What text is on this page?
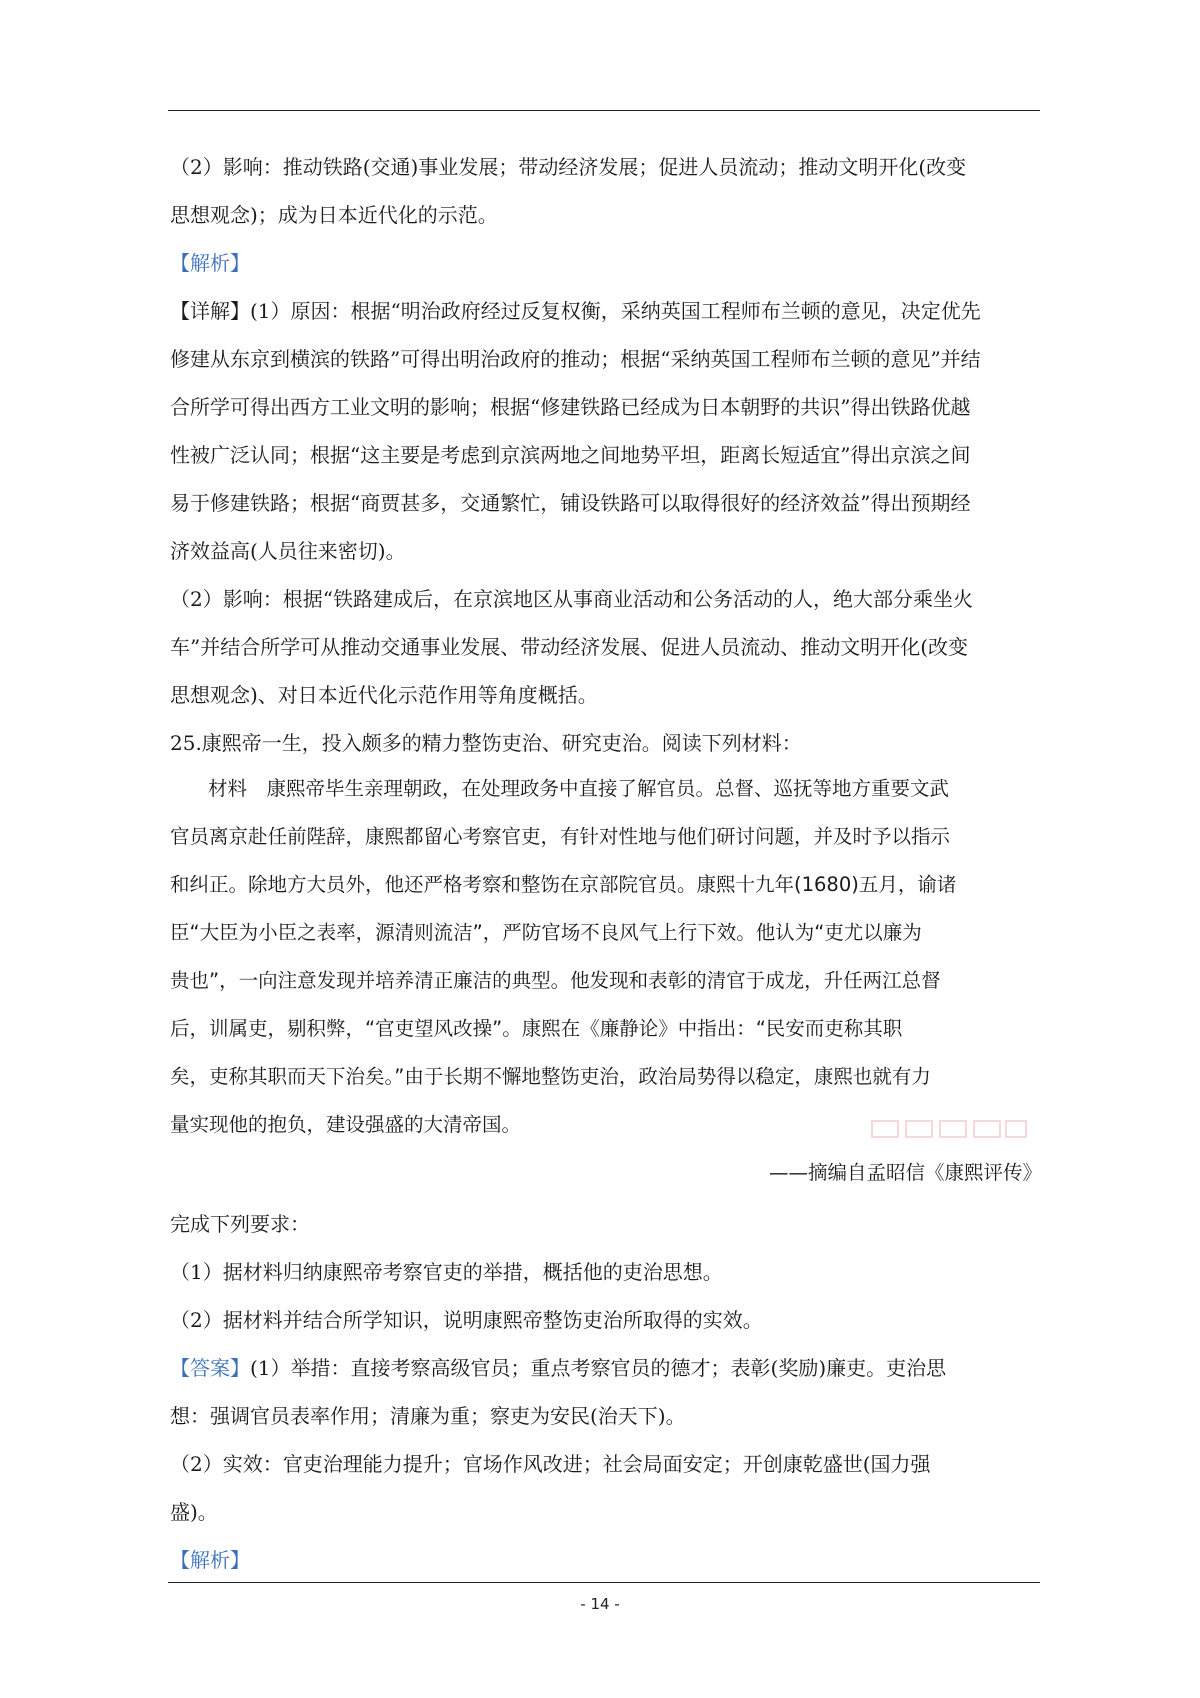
（2）影响：推动铁路(交通)事业发展；带动经济发展；促进人员流动；推动文明开化(改变
思想观念)；成为日本近代化的示范。
【解析】
【详解】(1）原因：根据“明治政府经过反复权衡，采纳英国工程师布兰顿的意见，决定优先
修建从东京到横滨的铁路”可得出明治政府的推动；根据“采纳英国工程师布兰顿的意见”并结
合所学可得出西方工业文明的影响；根据“修建铁路已经成为日本朝野的共识”得出铁路优越
性被广泛认同；根据“这主要是考虑到京滨两地之间地势平坦，距离长短适宜”得出京滨之间
易于修建铁路；根据“商贾甚多，交通繁忙，铺设铁路可以取得很好的经济效益”得出预期经
济效益高(人员往来密切)。
（2）影响：根据“铁路建成后，在京滨地区从事商业活动和公务活动的人，绝大部分乘坐火
车”并结合所学可从推动交通事业发展、带动经济发展、促进人员流动、推动文明开化(改变
思想观念)、对日本近代化示范作用等角度概括。
25.康熙帝一生，投入颇多的精力整饬吏治、研究吏治。阅读下列材料：
材料　康熙帝毕生亲理朝政，在处理政务中直接了解官员。总督、巡抚等地方重要文武
官员离京赴任前陛辞，康熙都留心考察官吏，有针对性地与他们研讨问题，并及时予以指示
和纠正。除地方大员外，他还严格考察和整饬在京部院官员。康熙十九年(1680)五月，谕诸
臣“大臣为小臣之表率，源清则流洁”，严防官场不良风气上行下效。他认为“吏尤以廉为
贵也”，一向注意发现并培养清正廉洁的典型。他发现和表彰的清官于成龙，升任两江总督
后，训属吏，剔积弊，“官吏望风改操”。康熙在《廉静论》中指出：“民安而吏称其职
矣，吏称其职而天下治矣。”由于长期不懈地整饬吏治，政治局势得以稳定，康熙也就有力
量实现他的抱负，建设强盛的大清帝国。
——摘编自孟昭信《康熙评传》
完成下列要求：
（1）据材料归纳康熙帝考察官吏的举措，概括他的吏治思想。
（2）据材料并结合所学知识，说明康熙帝整饬吏治所取得的实效。
【答案】(1）举措：直接考察高级官员；重点考察官员的德才；表彰(奖励)廉吏。吏治思
想：强调官员表率作用；清廉为重；察吏为安民(治天下)。
（2）实效：官吏治理能力提升；官场作风改进；社会局面安定；开创康乾盛世(国力强
盛)。
【解析】
- 14 -
